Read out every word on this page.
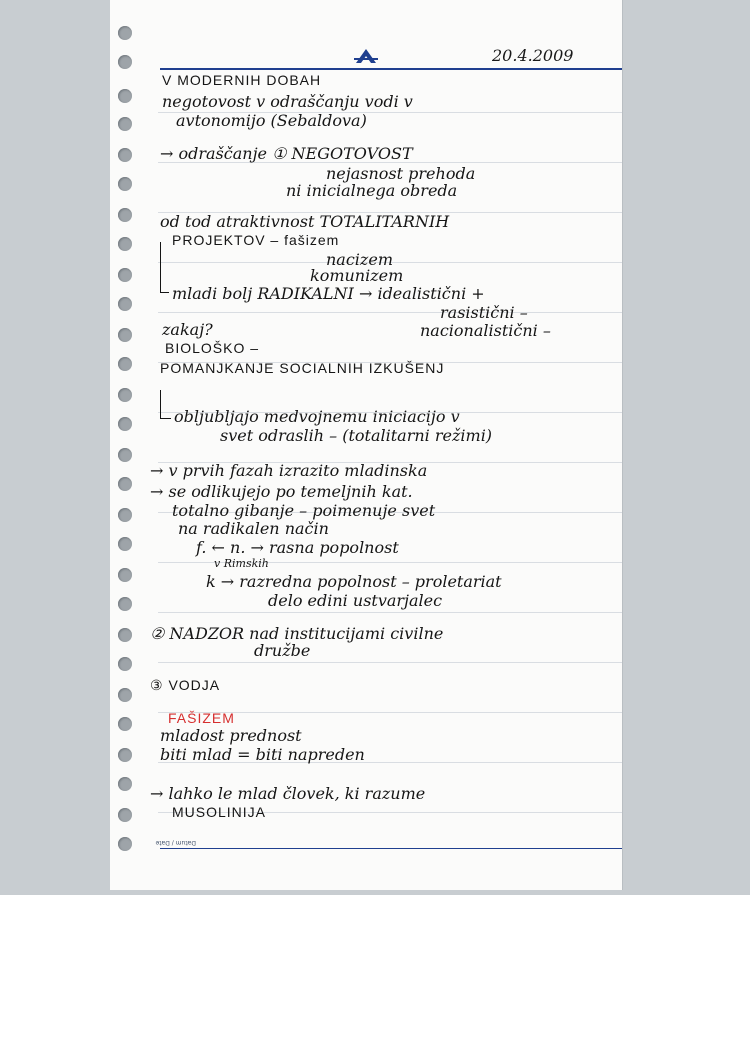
Datum / Date
20.4.2009
V MODERNIH DOBAH
negotovost v odraščanju vodi v
avtonomijo (Sebaldova)
→ odraščanje ① NEGOTOVOST
nejasnost prehoda
ni inicialnega obreda
od tod atraktivnost TOTALITARNIH
PROJEKTOV – fašizem
nacizem
komunizem
mladi bolj RADIKALNI → idealistični +
rasistični –
zakaj?	nacionalistični –
BIOLOŠKO –
POMANJKANJE SOCIALNIH IZKUŠENJ
obljubljajo medvojnemu iniciacijo v
svet odraslih – (totalitarni režimi)
→ v prvih fazah izrazito mladinska
→ se odlikujejo po temeljnih kat.
totalno gibanje – poimenuje svet
na radikalen način
f. ← n. → rasna popolnost
v Rimskih
k → razredna popolnost – proletariat
delo edini ustvarjalec
② NADZOR nad institucijami civilne
družbe
③ VODJA
FAŠIZEM
mladost prednost
biti mlad = biti napreden
→ lahko le mlad človek, ki razume
MUSOLINIJA
